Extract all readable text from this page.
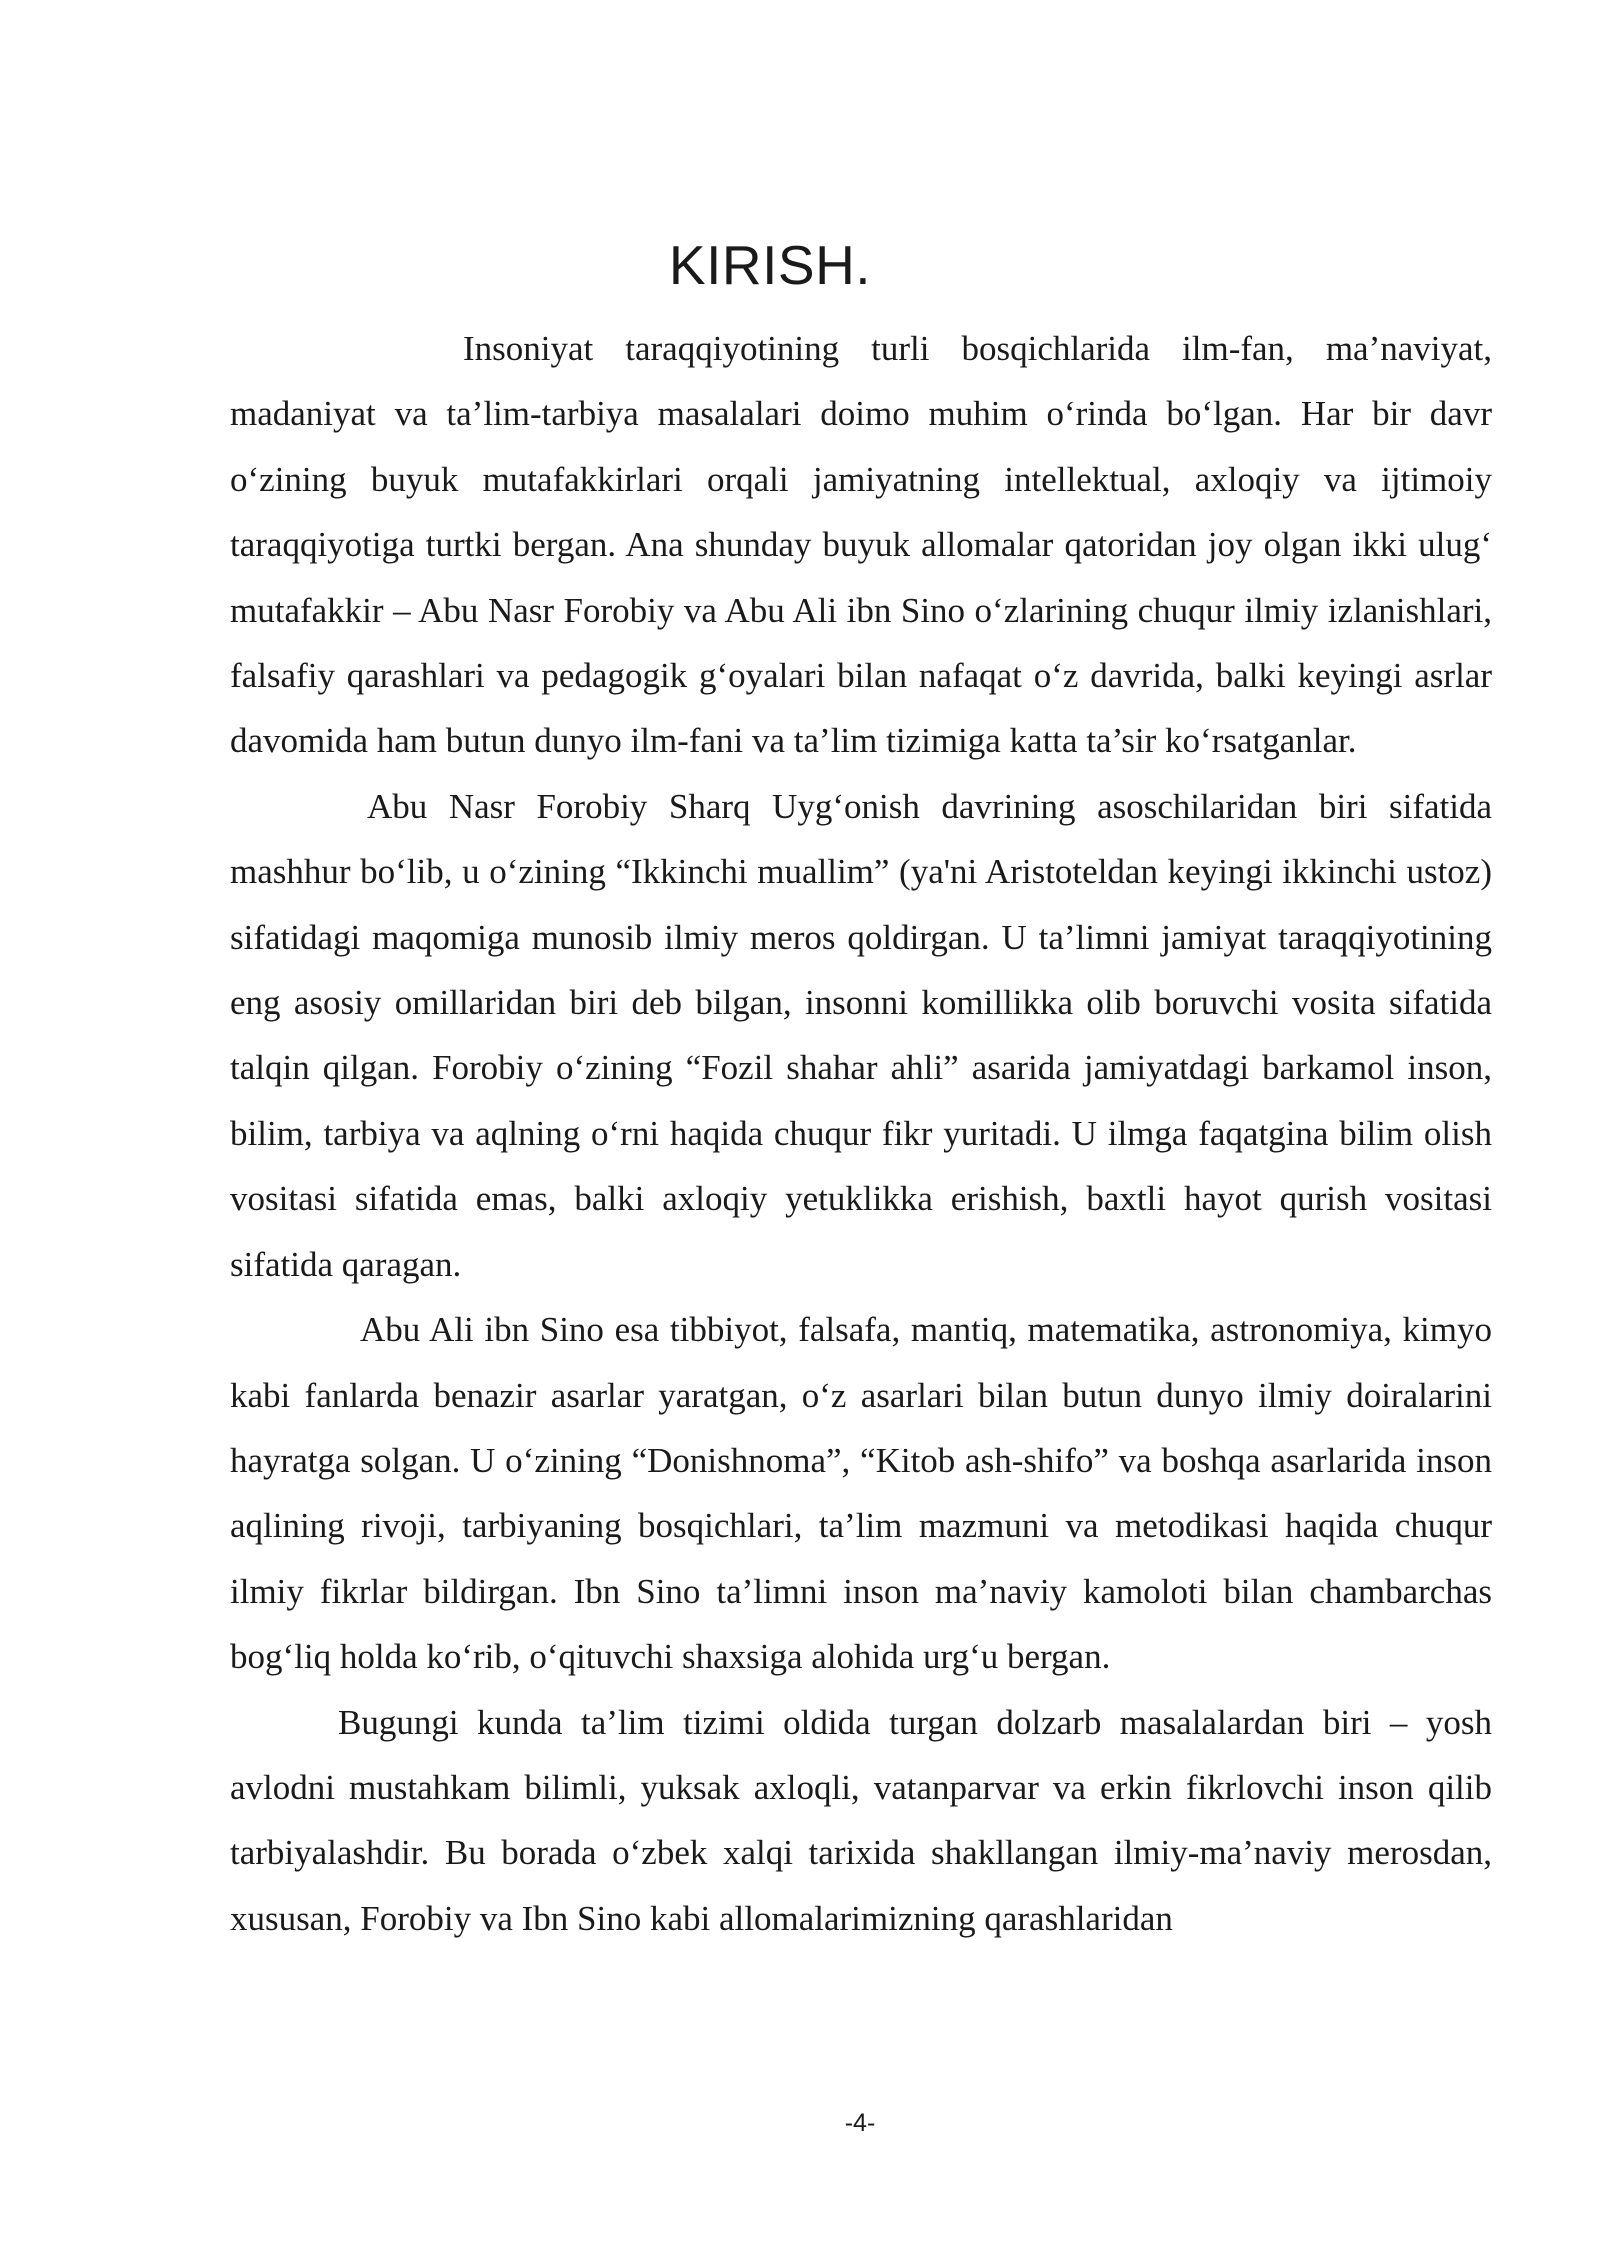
KIRISH.

Insoniyat taraqqiyotining turli bosqichlarida ilm-fan, ma’naviyat, madaniyat va ta’lim-tarbiya masalalari doimo muhim o‘rinda bo‘lgan. Har bir davr o‘zining buyuk mutafakkirlari orqali jamiyatning intellektual, axloqiy va ijtimoiy taraqqiyotiga turtki bergan. Ana shunday buyuk allomalar qatoridan joy olgan ikki ulug‘ mutafakkir – Abu Nasr Forobiy va Abu Ali ibn Sino o‘zlarining chuqur ilmiy izlanishlari, falsafiy qarashlari va pedagogik g‘oyalari bilan nafaqat o‘z davrida, balki keyingi asrlar davomida ham butun dunyo ilm-fani va ta’lim tizimiga katta ta’sir ko‘rsatganlar.

Abu Nasr Forobiy Sharq Uyg‘onish davrining asoschilaridan biri sifatida mashhur bo‘lib, u o‘zining “Ikkinchi muallim” (ya'ni Aristoteldan keyingi ikkinchi ustoz) sifatidagi maqomiga munosib ilmiy meros qoldirgan. U ta’limni jamiyat taraqqiyotining eng asosiy omillaridan biri deb bilgan, insonni komillikka olib boruvchi vosita sifatida talqin qilgan. Forobiy o‘zining “Fozil shahar ahli” asarida jamiyatdagi barkamol inson, bilim, tarbiya va aqlning o‘rni haqida chuqur fikr yuritadi. U ilmga faqatgina bilim olish vositasi sifatida emas, balki axloqiy yetuklikka erishish, baxtli hayot qurish vositasi sifatida qaragan.

Abu Ali ibn Sino esa tibbiyot, falsafa, mantiq, matematika, astronomiya, kimyo kabi fanlarda benazir asarlar yaratgan, o‘z asarlari bilan butun dunyo ilmiy doiralarini hayratga solgan. U o‘zining “Donishnoma”, “Kitob ash-shifo” va boshqa asarlarida inson aqlining rivoji, tarbiyaning bosqichlari, ta’lim mazmuni va metodikasi haqida chuqur ilmiy fikrlar bildirgan. Ibn Sino ta’limni inson ma’naviy kamoloti bilan chambarchas bog‘liq holda ko‘rib, o‘qituvchi shaxsiga alohida urg‘u bergan.

Bugungi kunda ta’lim tizimi oldida turgan dolzarb masalalardan biri – yosh avlodni mustahkam bilimli, yuksak axloqli, vatanparvar va erkin fikrlovchi inson qilib tarbiyalashdir. Bu borada o‘zbek xalqi tarixida shakllangan ilmiy-ma’naviy merosdan, xususan, Forobiy va Ibn Sino kabi allomalarimizning qarashlaridan

-4-
